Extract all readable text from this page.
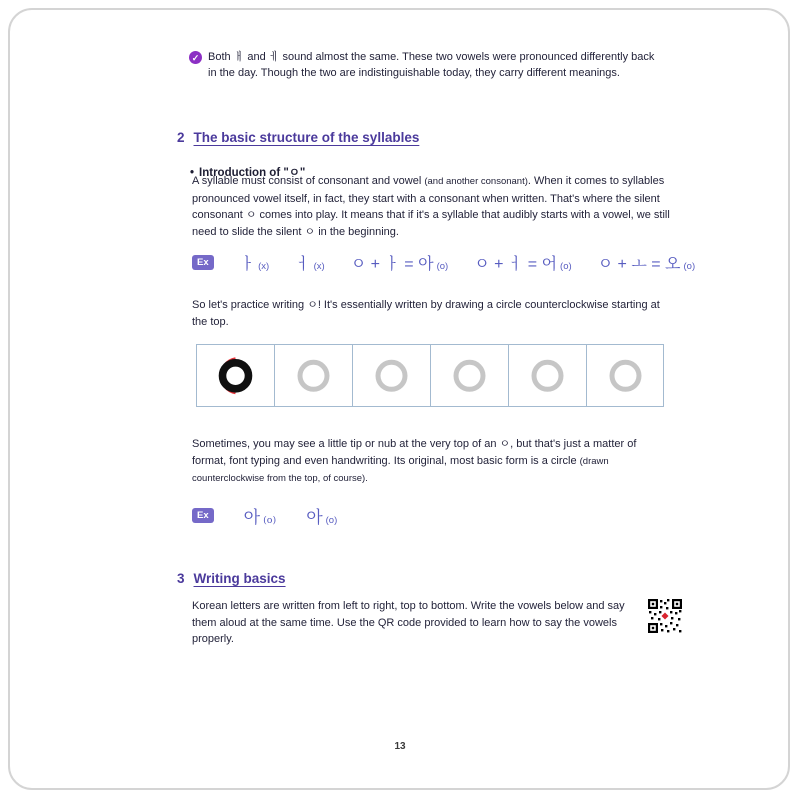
✓ Both ㅐ and ㅔ sound almost the same. These two vowels were pronounced differently back in the day. Though the two are indistinguishable today, they carry different meanings.

2 The basic structure of the syllables
• Introduction of "ㅇ"

A syllable must consist of consonant and vowel (and another consonant). When it comes to syllables pronounced vowel itself, in fact, they start with a consonant when written. That's where the silent consonant ㅇ comes into play. It means that if it's a syllable that audibly starts with a vowel, we still need to slide the silent ㅇ in the beginning.

Ex	ㅏ (x) ㅓ (x) ㅇ + ㅏ = 아 (o) ㅇ + ㅓ = 어 (o) ㅇ + ㅗ = 오 (o)

So let's practice writing ㅇ! It's essentially written by drawing a circle counterclockwise starting at the top.

Sometimes, you may see a little tip or nub at the very top of an ㅇ, but that's just a matter of format, font typing and even handwriting. Its original, most basic form is a circle (drawn counterclockwise from the top, of course).

Ex 아 (o) 아 (o)
3 Writing basics

Korean letters are written from left to right, top to bottom. Write the vowels below and say them aloud at the same time. Use the QR code provided to learn how to say the vowels properly.

13
